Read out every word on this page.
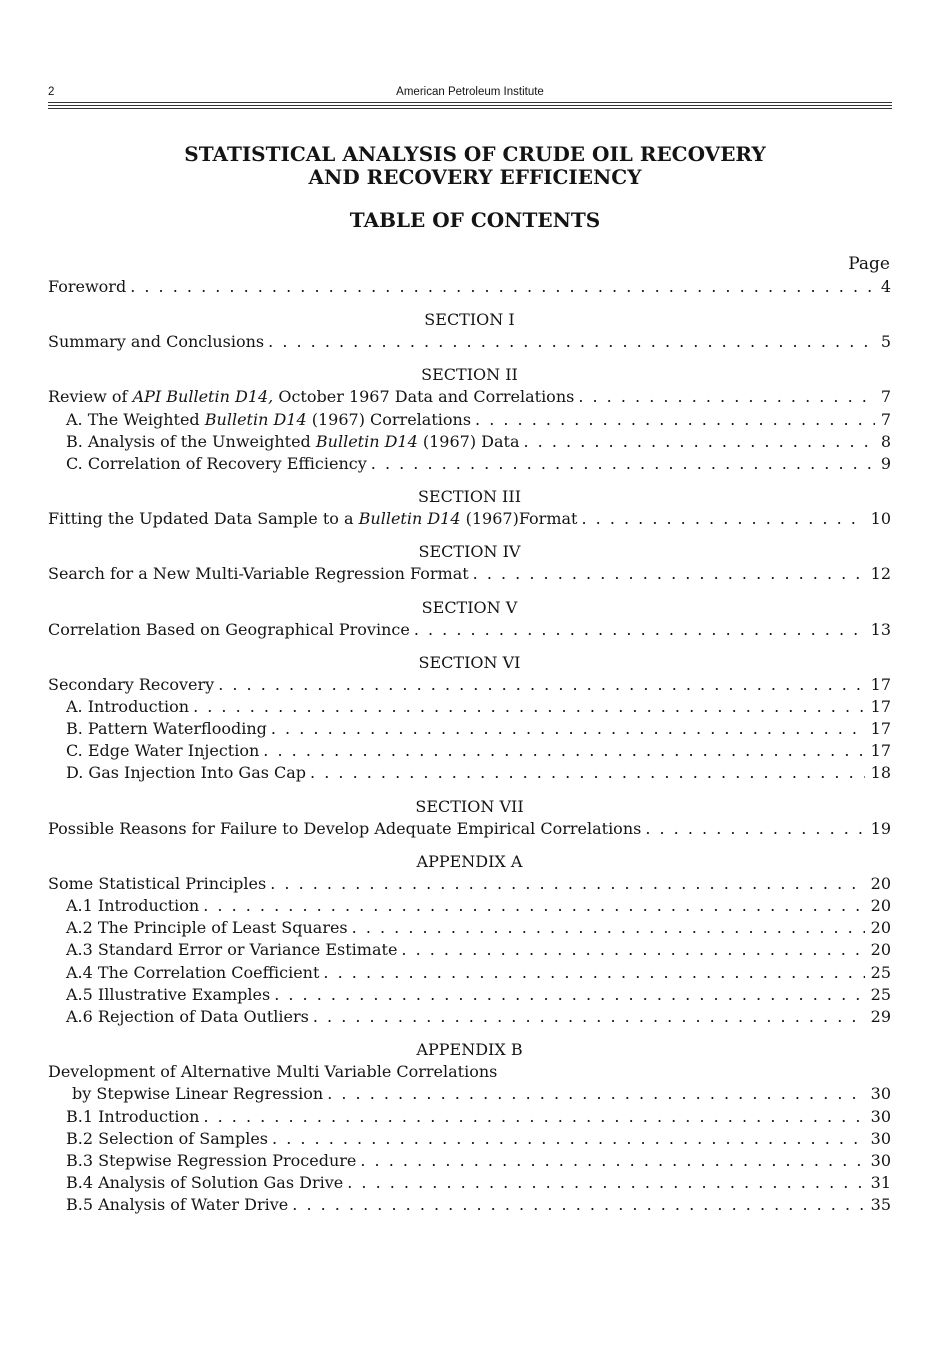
2	American Petroleum Institute
STATISTICAL ANALYSIS OF CRUDE OIL RECOVERY
AND RECOVERY EFFICIENCY
TABLE OF CONTENTS
Page
Foreword . . .	4
SECTION I
Summary and Conclusions . . .	5
SECTION II
Review of API Bulletin D14, October 1967 Data and Correlations . . .	7
A. The Weighted Bulletin D14 (1967) Correlations . . .	7
B. Analysis of the Unweighted Bulletin D14 (1967) Data . . .	8
C. Correlation of Recovery Efficiency . . .	9
SECTION III
Fitting the Updated Data Sample to a Bulletin D14 (1967)Format . . .	10
SECTION IV
Search for a New Multi-Variable Regression Format . . .	12
SECTION V
Correlation Based on Geographical Province . . .	13
SECTION VI
Secondary Recovery . . .	17
A. Introduction . . .	17
B. Pattern Waterflooding . . .	17
C. Edge Water Injection . . .	17
D. Gas Injection Into Gas Cap . . .	18
SECTION VII
Possible Reasons for Failure to Develop Adequate Empirical Correlations . . .	19
APPENDIX A
Some Statistical Principles . . .	20
A.1 Introduction . . .	20
A.2 The Principle of Least Squares . . .	20
A.3 Standard Error or Variance Estimate . . .	20
A.4 The Correlation Coefficient . . .	25
A.5 Illustrative Examples . . .	25
A.6 Rejection of Data Outliers . . .	29
APPENDIX B
Development of Alternative Multi Variable Correlations
by Stepwise Linear Regression . . .	30
B.1 Introduction . . .	30
B.2 Selection of Samples . . .	30
B.3 Stepwise Regression Procedure . . .	30
B.4 Analysis of Solution Gas Drive . . .	31
B.5 Analysis of Water Drive . . .	35
